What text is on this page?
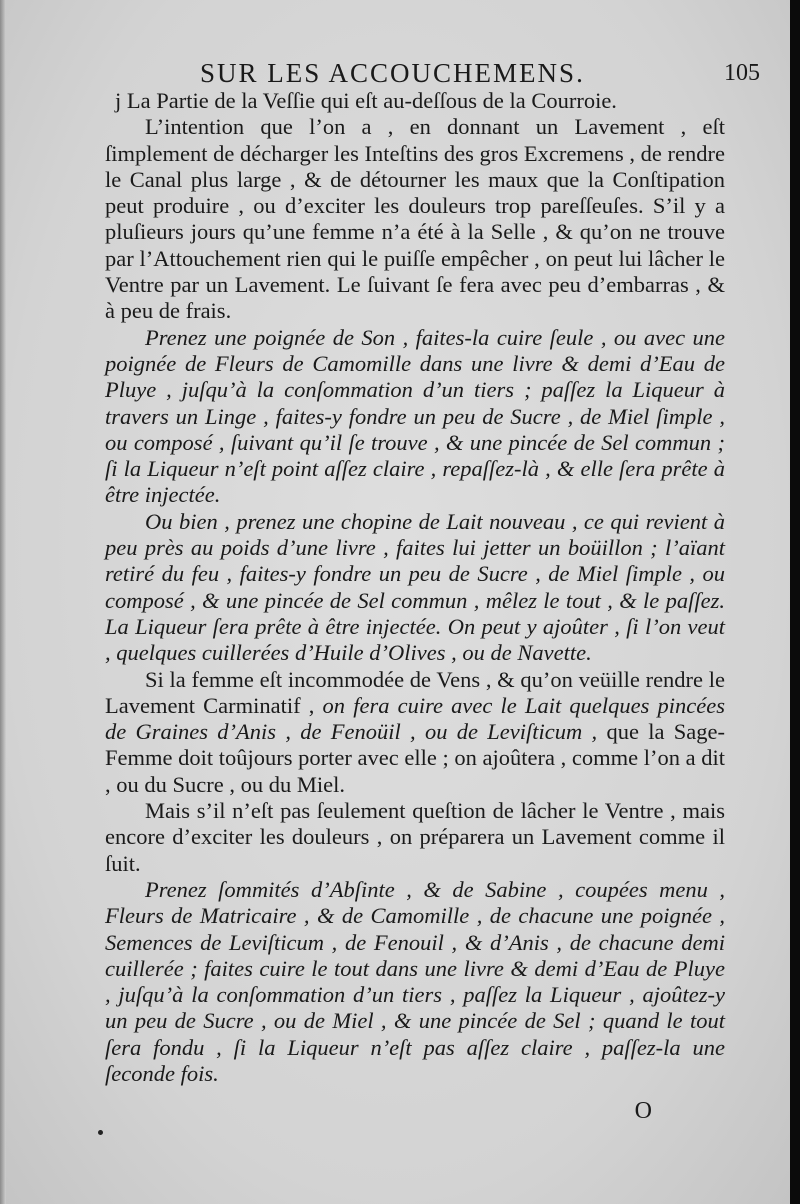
SUR LES ACCOUCHEMENS.	105

j La Partie de la Veſſie qui eſt au-deſſous de la Courroie.

L’intention que l’on a , en donnant un Lavement , eſt ſimplement de décharger les Inteſtins des gros Excremens , de rendre le Canal plus large , & de détourner les maux que la Conſtipation peut produire , ou d’exciter les douleurs trop pareſſeuſes. S’il y a pluſieurs jours qu’une femme n’a été à la Selle , & qu’on ne trouve par l’Attouchement rien qui le puiſſe empêcher , on peut lui lâcher le Ventre par un Lavement. Le ſuivant ſe fera avec peu d’embarras , & à peu de frais.

Prenez une poignée de Son , faites-la cuire ſeule , ou avec une poignée de Fleurs de Camomille dans une livre & demi d’Eau de Pluye , juſqu’à la conſommation d’un tiers ; paſſez la Liqueur à travers un Linge , faites-y fondre un peu de Sucre , de Miel ſimple , ou composé , ſuivant qu’il ſe trouve , & une pincée de Sel commun ; ſi la Liqueur n’eſt point aſſez claire , repaſſez-là , & elle ſera prête à être injectée.

Ou bien , prenez une chopine de Lait nouveau , ce qui revient à peu près au poids d’une livre , faites lui jetter un boüillon ; l’aïant retiré du feu , faites-y fondre un peu de Sucre , de Miel ſimple , ou composé , & une pincée de Sel commun , mêlez le tout , & le paſſez. La Liqueur ſera prête à être injectée. On peut y ajoûter , ſi l’on veut , quelques cuillerées d’Huile d’Olives , ou de Navette.

Si la femme eſt incommodée de Vens , & qu’on veüille rendre le Lavement Carminatif , on fera cuire avec le Lait quelques pincées de Graines d’Anis , de Fenoüil , ou de Leviſticum , que la Sage-Femme doit toûjours porter avec elle ; on ajoûtera , comme l’on a dit , ou du Sucre , ou du Miel.

Mais s’il n’eſt pas ſeulement queſtion de lâcher le Ventre , mais encore d’exciter les douleurs , on préparera un Lavement comme il ſuit.

Prenez ſommités d’Abſinte , & de Sabine , coupées menu , Fleurs de Matricaire , & de Camomille , de chacune une poignée , Semences de Leviſticum , de Fenouil , & d’Anis , de chacune demi cuillerée ; faites cuire le tout dans une livre & demi d’Eau de Pluye , juſqu’à la conſommation d’un tiers , paſſez la Liqueur , ajoûtez-y un peu de Sucre , ou de Miel , & une pincée de Sel ; quand le tout ſera fondu , ſi la Liqueur n’eſt pas aſſez claire , paſſez-la une ſeconde fois.

O
